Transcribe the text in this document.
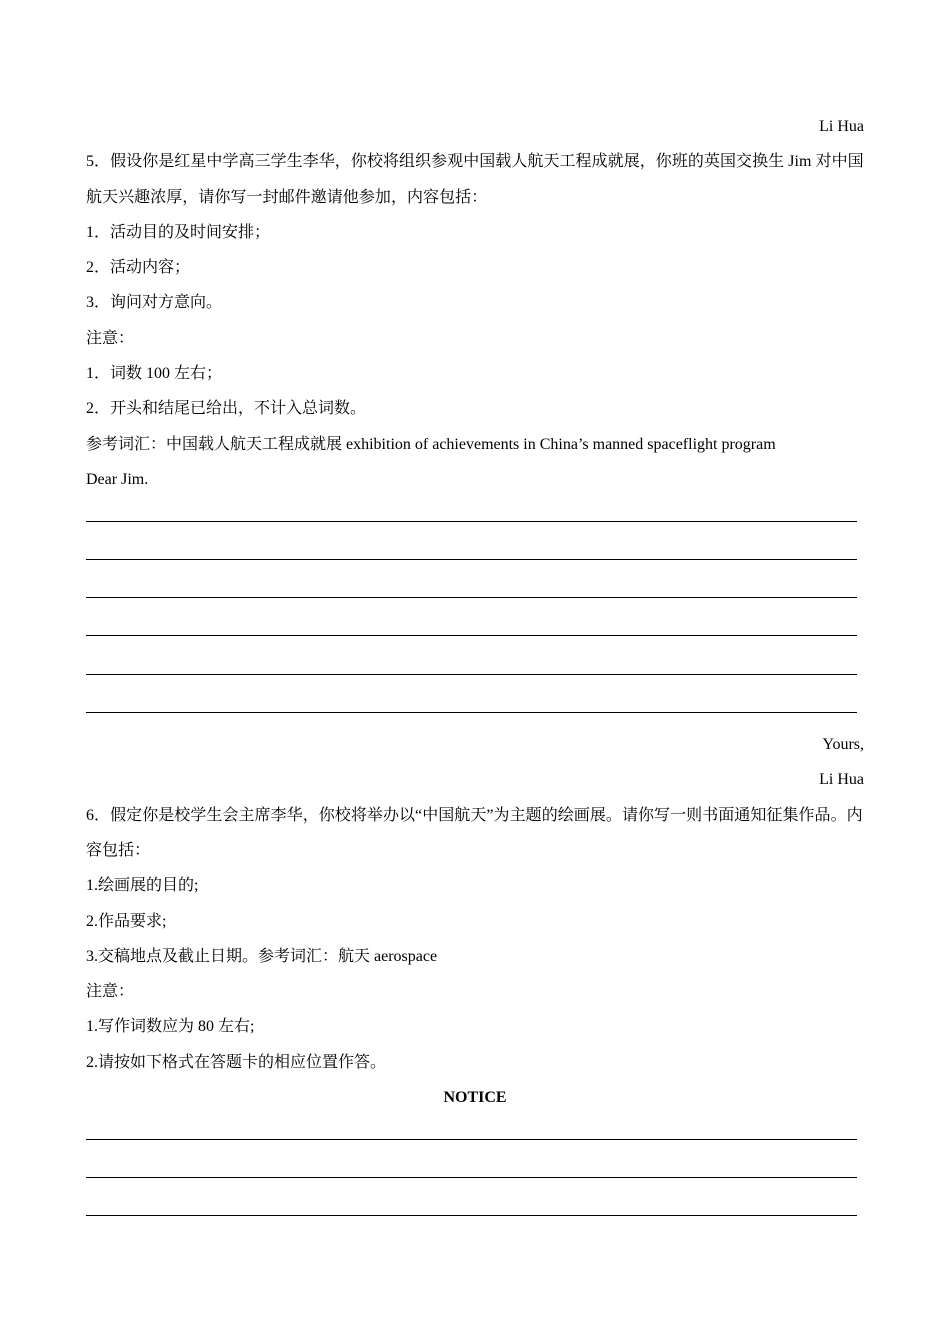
Li Hua
5．假设你是红星中学高三学生李华，你校将组织参观中国载人航天工程成就展，你班的英国交换生 Jim 对中国航天兴趣浓厚，请你写一封邮件邀请他参加，内容包括：
1．活动目的及时间安排；
2．活动内容；
3．询问对方意向。
注意：
1．词数 100 左右；
2．开头和结尾已给出，不计入总词数。
参考词汇：中国载人航天工程成就展 exhibition of achievements in China’s manned spaceflight program
Dear Jim.
Yours,
Li Hua
6．假定你是校学生会主席李华，你校将举办以“中国航天”为主题的绘画展。请你写一则书面通知征集作品。内容包括：
1.绘画展的目的;
2.作品要求;
3.交稿地点及截止日期。参考词汇：航天 aerospace
注意：
1.写作词数应为 80 左右;
2.请按如下格式在答题卡的相应位置作答。
NOTICE
